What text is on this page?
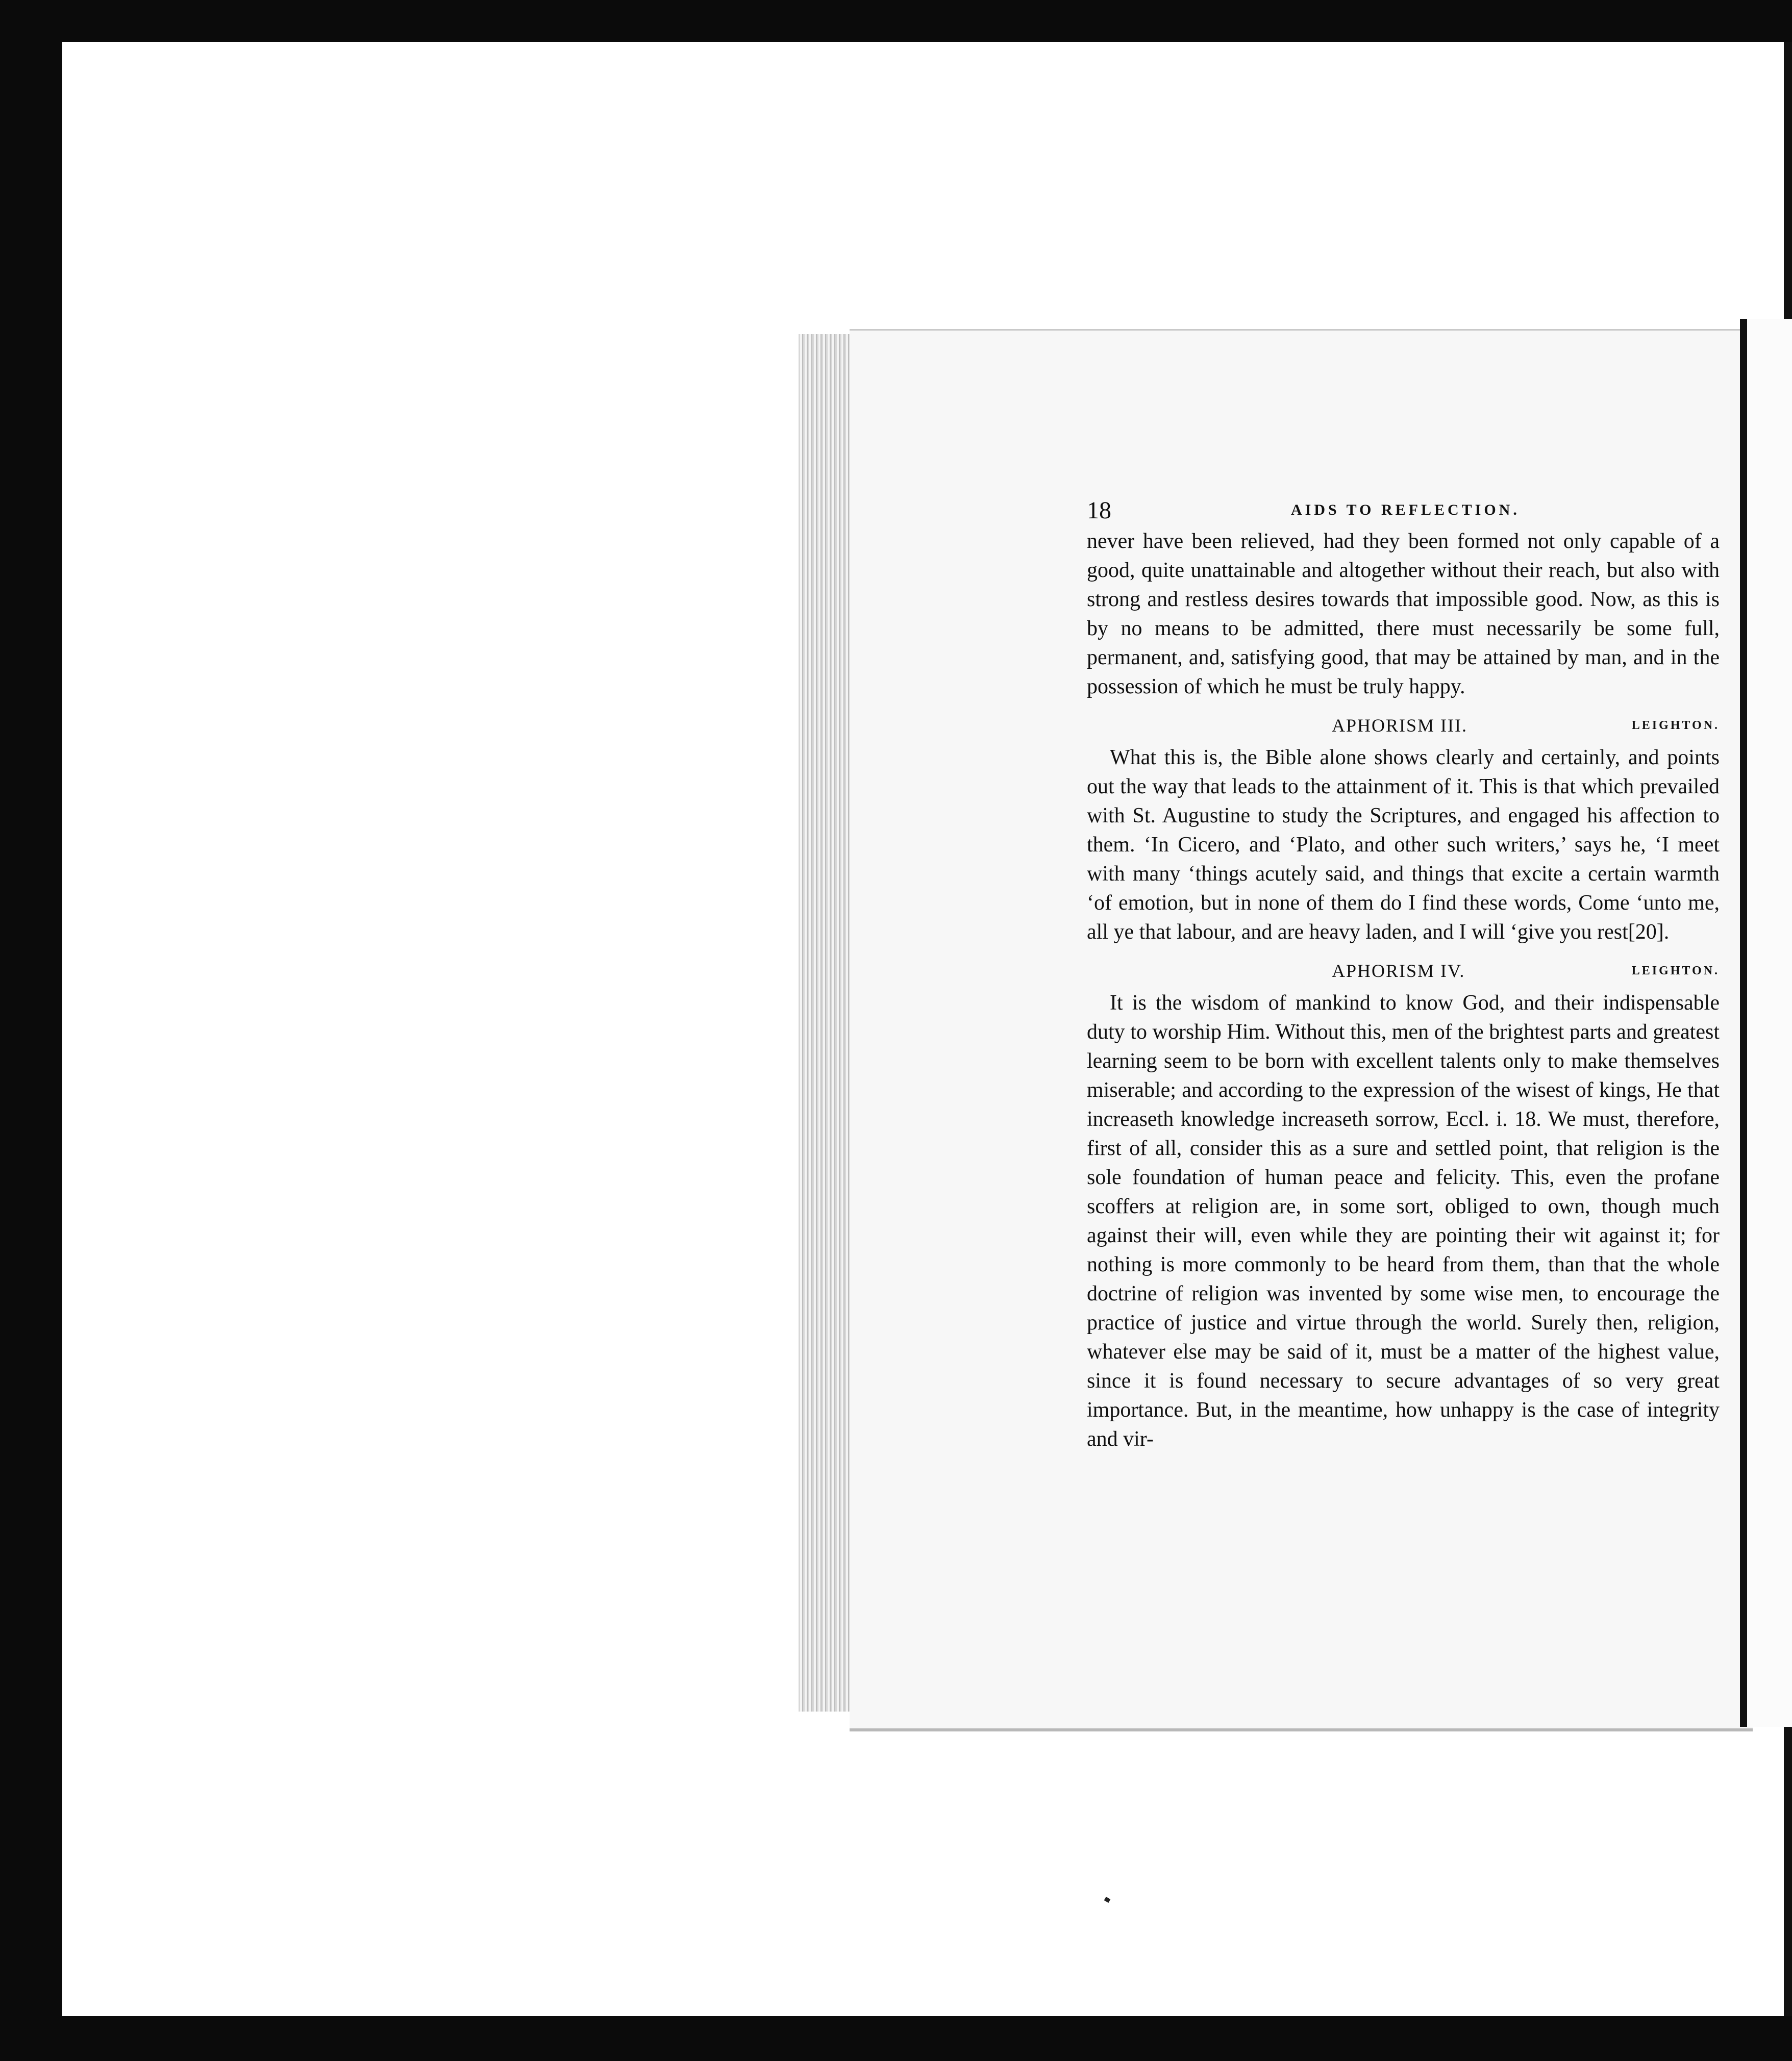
18	AIDS TO REFLECTION.

never have been relieved, had they been formed not only capable of a good, quite unattainable and altogether without their reach, but also with strong and restless desires towards that impossible good. Now, as this is by no means to be admitted, there must necessarily be some full, permanent, and, satisfying good, that may be attained by man, and in the possession of which he must be truly happy.

APHORISM III.	LEIGHTON.

What this is, the Bible alone shows clearly and certainly, and points out the way that leads to the attainment of it. This is that which prevailed with St. Augustine to study the Scriptures, and engaged his affection to them. ‘In Cicero, and ‘Plato, and other such writers,’ says he, ‘I meet with many ‘things acutely said, and things that excite a certain warmth ‘of emotion, but in none of them do I find these words, Come ‘unto me, all ye that labour, and are heavy laden, and I will ‘give you rest[20].

APHORISM IV.	LEIGHTON.

It is the wisdom of mankind to know God, and their indispensable duty to worship Him. Without this, men of the brightest parts and greatest learning seem to be born with excellent talents only to make themselves miserable; and according to the expression of the wisest of kings, He that increaseth knowledge increaseth sorrow, Eccl. i. 18. We must, therefore, first of all, consider this as a sure and settled point, that religion is the sole foundation of human peace and felicity. This, even the profane scoffers at religion are, in some sort, obliged to own, though much against their will, even while they are pointing their wit against it; for nothing is more commonly to be heard from them, than that the whole doctrine of religion was invented by some wise men, to encourage the practice of justice and virtue through the world. Surely then, religion, whatever else may be said of it, must be a matter of the highest value, since it is found necessary to secure advantages of so very great importance. But, in the meantime, how unhappy is the case of integrity and vir-
